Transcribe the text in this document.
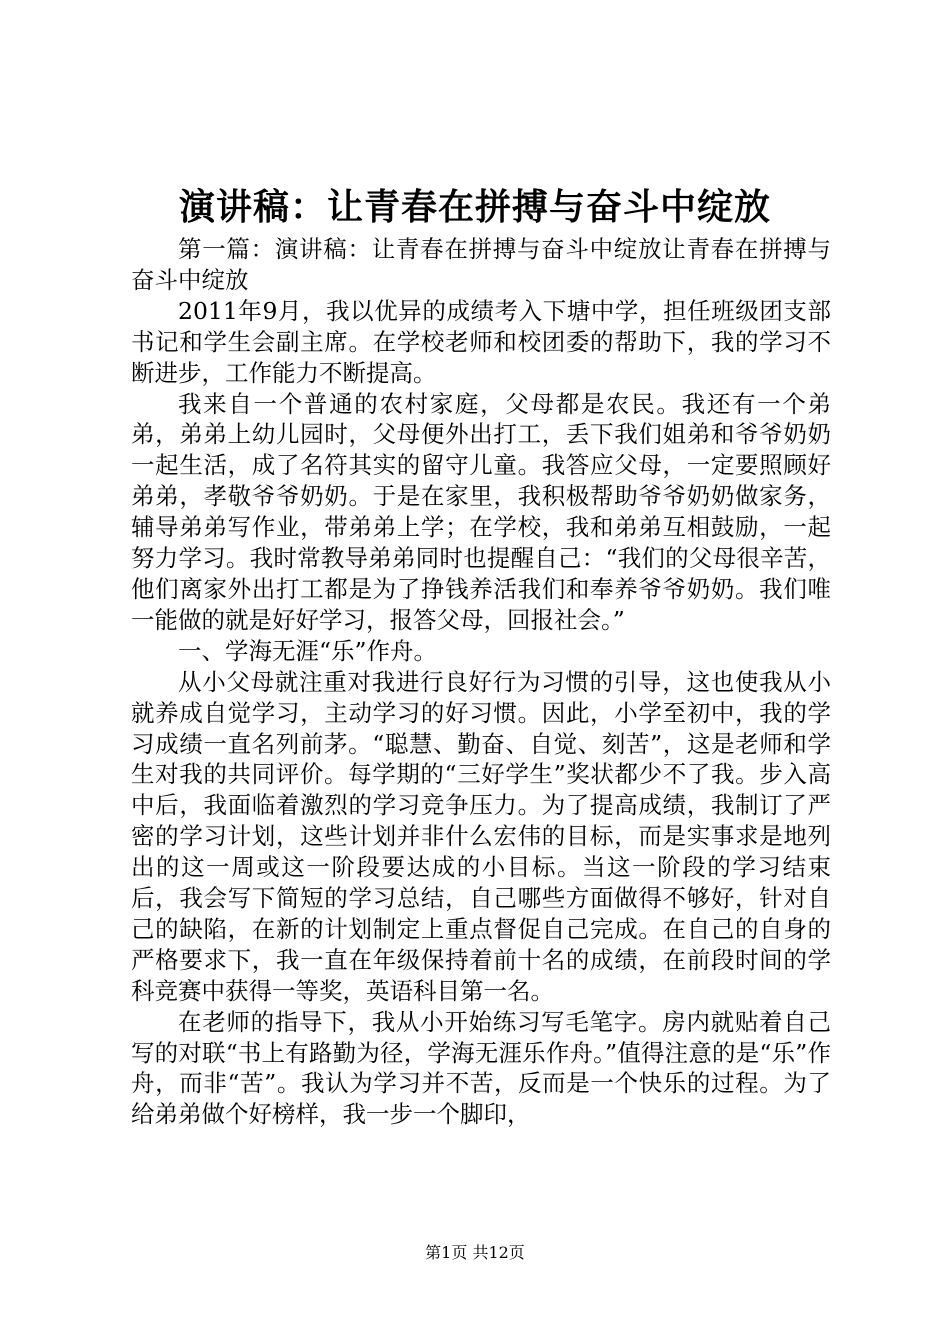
演讲稿：让青春在拼搏与奋斗中绽放

第一篇：演讲稿：让青春在拼搏与奋斗中绽放让青春在拼搏与奋斗中绽放

2011年9月，我以优异的成绩考入下塘中学，担任班级团支部书记和学生会副主席。在学校老师和校团委的帮助下，我的学习不断进步，工作能力不断提高。

我来自一个普通的农村家庭，父母都是农民。我还有一个弟弟，弟弟上幼儿园时，父母便外出打工，丢下我们姐弟和爷爷奶奶一起生活，成了名符其实的留守儿童。我答应父母，一定要照顾好弟弟，孝敬爷爷奶奶。于是在家里，我积极帮助爷爷奶奶做家务，辅导弟弟写作业，带弟弟上学；在学校，我和弟弟互相鼓励，一起努力学习。我时常教导弟弟同时也提醒自己：“我们的父母很辛苦，他们离家外出打工都是为了挣钱养活我们和奉养爷爷奶奶。我们唯一能做的就是好好学习，报答父母，回报社会。”

一、学海无涯“乐”作舟。

从小父母就注重对我进行良好行为习惯的引导，这也使我从小就养成自觉学习，主动学习的好习惯。因此，小学至初中，我的学习成绩一直名列前茅。“聪慧、勤奋、自觉、刻苦”，这是老师和学生对我的共同评价。每学期的“三好学生”奖状都少不了我。步入高中后，我面临着激烈的学习竞争压力。为了提高成绩，我制订了严密的学习计划，这些计划并非什么宏伟的目标，而是实事求是地列出的这一周或这一阶段要达成的小目标。当这一阶段的学习结束后，我会写下简短的学习总结，自己哪些方面做得不够好，针对自己的缺陷，在新的计划制定上重点督促自己完成。在自己的自身的严格要求下，我一直在年级保持着前十名的成绩，在前段时间的学科竞赛中获得一等奖，英语科目第一名。

在老师的指导下，我从小开始练习写毛笔字。房内就贴着自己写的对联“书上有路勤为径，学海无涯乐作舟。”值得注意的是“乐”作舟，而非“苦”。我认为学习并不苦，反而是一个快乐的过程。为了给弟弟做个好榜样，我一步一个脚印，

第1页 共12页
